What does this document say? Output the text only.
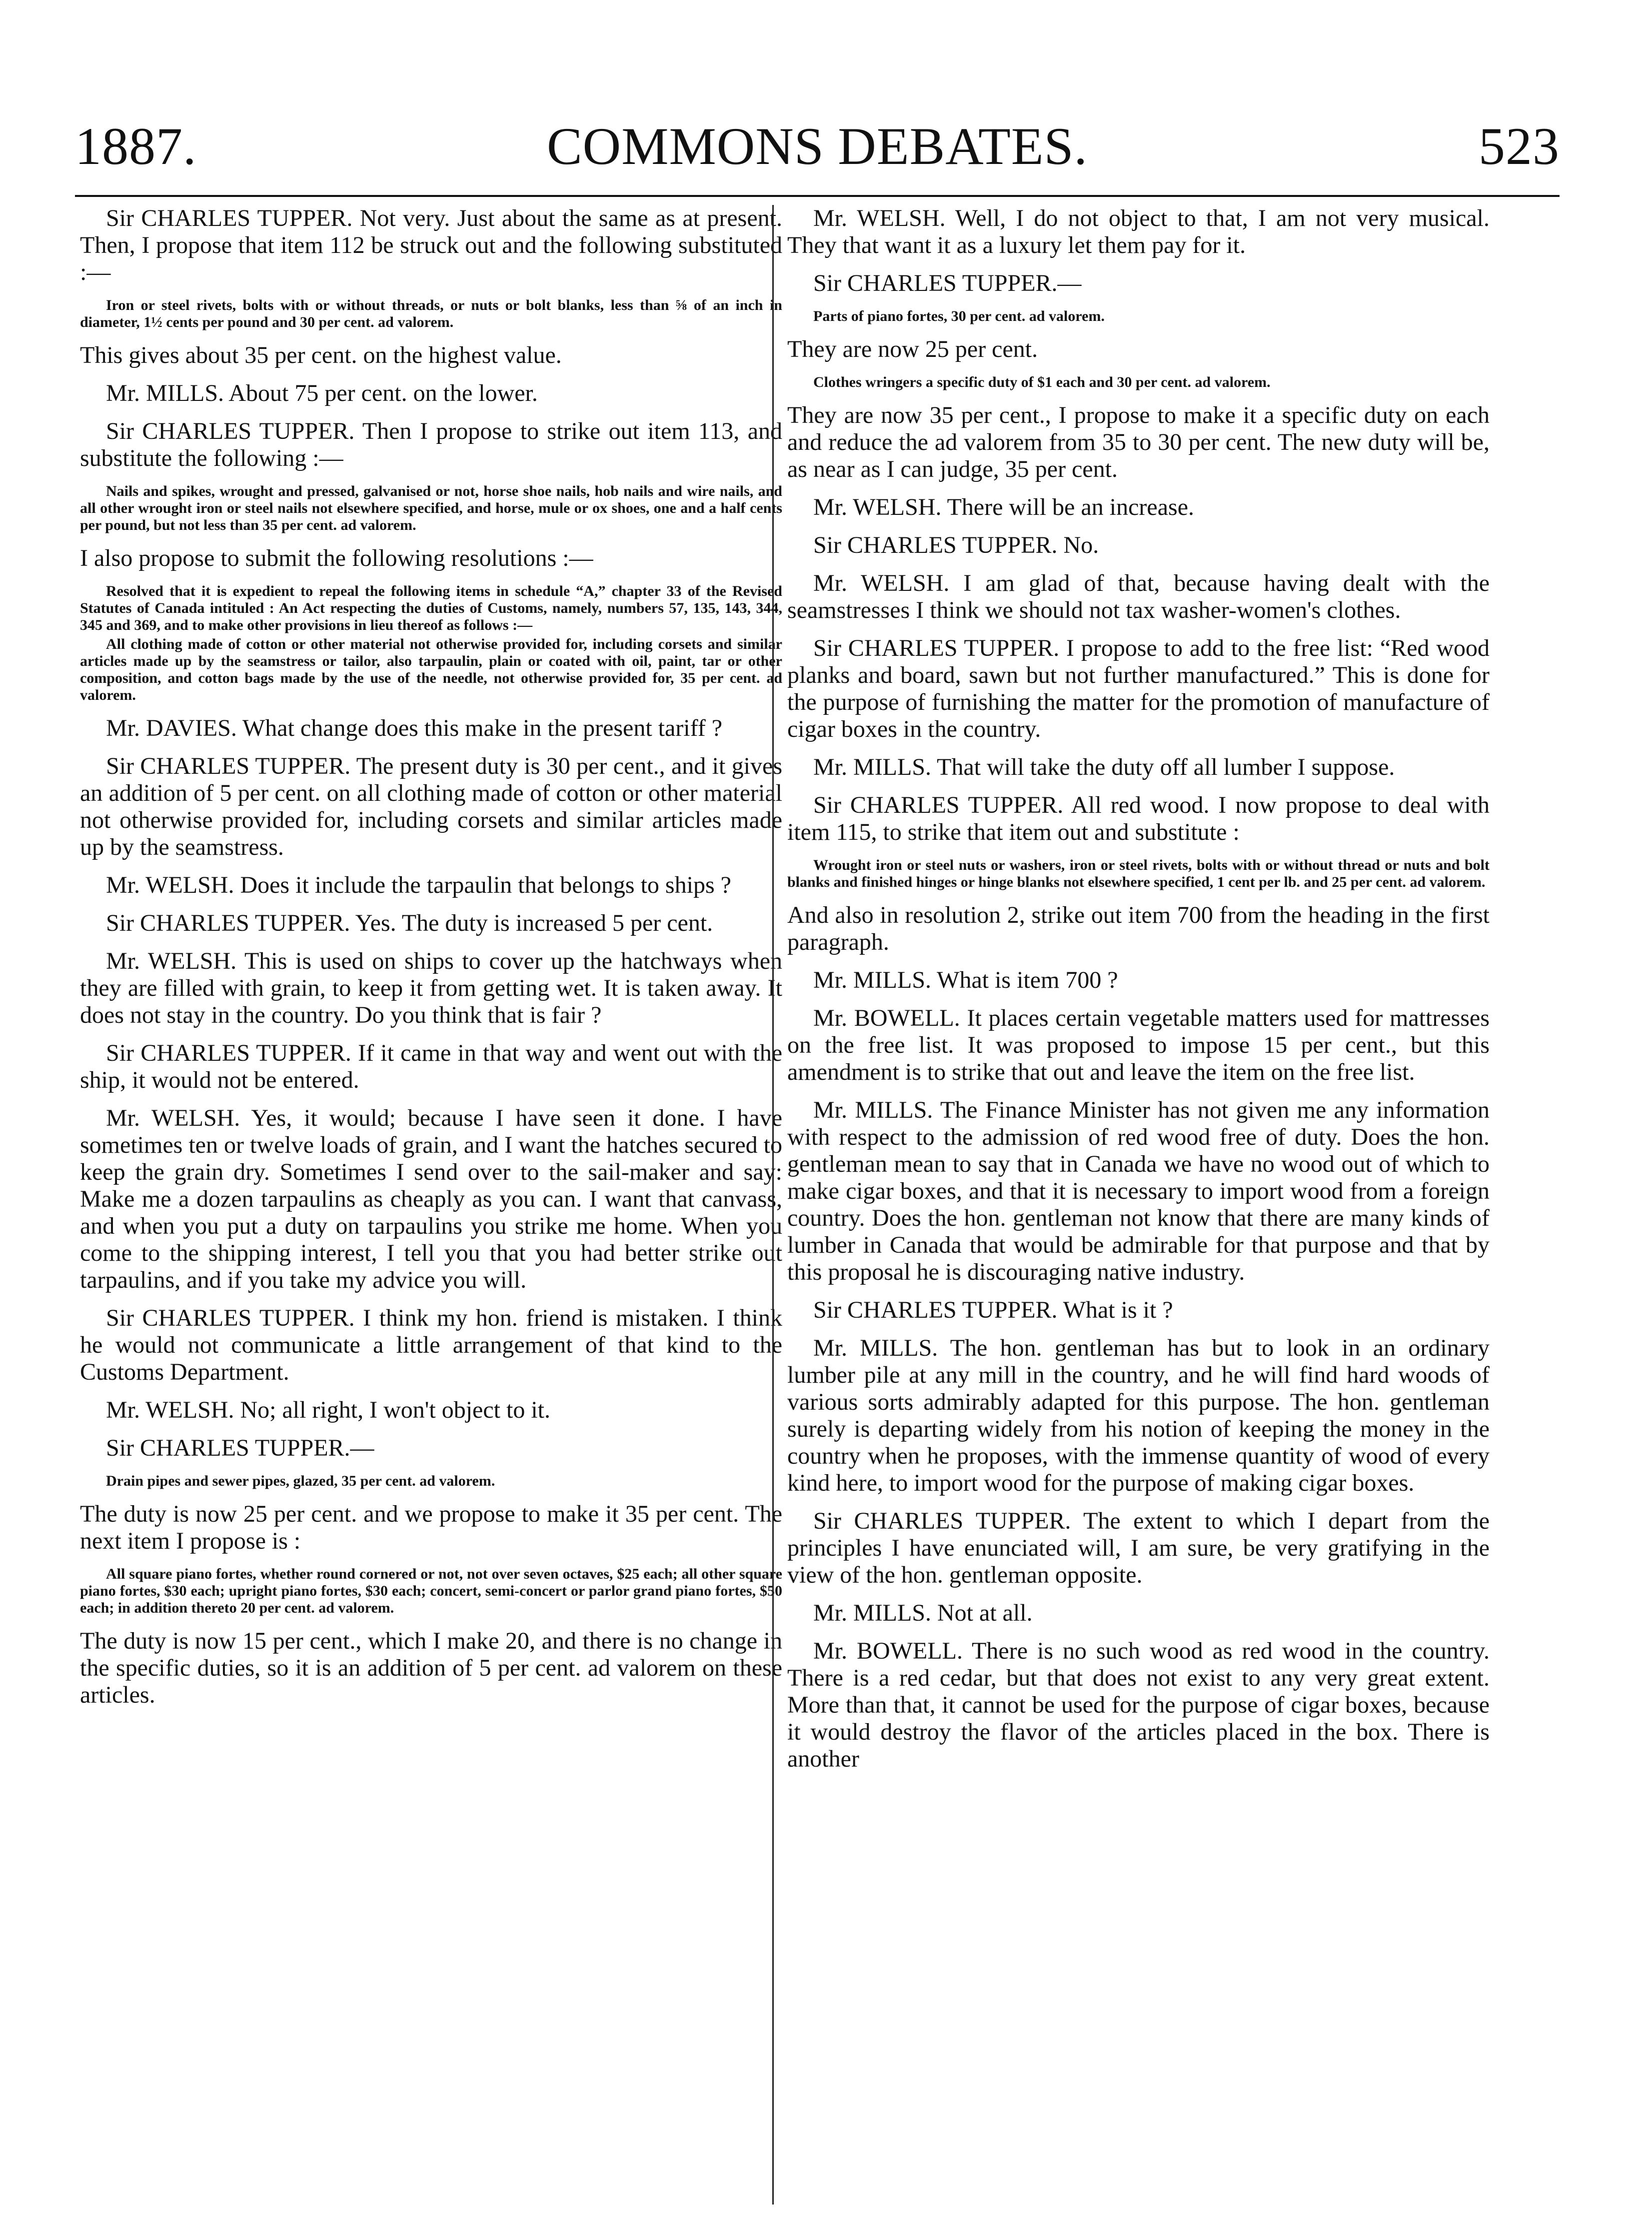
1887.	COMMONS DEBATES.	523

Sir CHARLES TUPPER. Not very. Just about the same as at present. Then, I propose that item 112 be struck out and the following substituted :—

Iron or steel rivets, bolts with or without threads, or nuts or bolt blanks, less than ⅝ of an inch in diameter, 1½ cents per pound and 30 per cent. ad valorem.

This gives about 35 per cent. on the highest value.

Mr. MILLS. About 75 per cent. on the lower.

Sir CHARLES TUPPER. Then I propose to strike out item 113, and substitute the following :—

Nails and spikes, wrought and pressed, galvanised or not, horse shoe nails, hob nails and wire nails, and all other wrought iron or steel nails not elsewhere specified, and horse, mule or ox shoes, one and a half cents per pound, but not less than 35 per cent. ad valorem.

I also propose to submit the following resolutions :—

Resolved that it is expedient to repeal the following items in schedule “A,” chapter 33 of the Revised Statutes of Canada intituled : An Act respecting the duties of Customs, namely, numbers 57, 135, 143, 344, 345 and 369, and to make other provisions in lieu thereof as follows :—

All clothing made of cotton or other material not otherwise provided for, including corsets and similar articles made up by the seamstress or tailor, also tarpaulin, plain or coated with oil, paint, tar or other composition, and cotton bags made by the use of the needle, not otherwise provided for, 35 per cent. ad valorem.

Mr. DAVIES. What change does this make in the present tariff ?

Sir CHARLES TUPPER. The present duty is 30 per cent., and it gives an addition of 5 per cent. on all clothing made of cotton or other material not otherwise provided for, including corsets and similar articles made up by the seamstress.

Mr. WELSH. Does it include the tarpaulin that belongs to ships ?

Sir CHARLES TUPPER. Yes. The duty is increased 5 per cent.

Mr. WELSH. This is used on ships to cover up the hatchways when they are filled with grain, to keep it from getting wet. It is taken away. It does not stay in the country. Do you think that is fair ?

Sir CHARLES TUPPER. If it came in that way and went out with the ship, it would not be entered.

Mr. WELSH. Yes, it would; because I have seen it done. I have sometimes ten or twelve loads of grain, and I want the hatches secured to keep the grain dry. Sometimes I send over to the sail-maker and say: Make me a dozen tarpaulins as cheaply as you can. I want that canvass, and when you put a duty on tarpaulins you strike me home. When you come to the shipping interest, I tell you that you had better strike out tarpaulins, and if you take my advice you will.

Sir CHARLES TUPPER. I think my hon. friend is mistaken. I think he would not communicate a little arrangement of that kind to the Customs Department.

Mr. WELSH. No; all right, I won't object to it.

Sir CHARLES TUPPER.—

Drain pipes and sewer pipes, glazed, 35 per cent. ad valorem.

The duty is now 25 per cent. and we propose to make it 35 per cent. The next item I propose is :

All square piano fortes, whether round cornered or not, not over seven octaves, $25 each; all other square piano fortes, $30 each; upright piano fortes, $30 each; concert, semi-concert or parlor grand piano fortes, $50 each; in addition thereto 20 per cent. ad valorem.

The duty is now 15 per cent., which I make 20, and there is no change in the specific duties, so it is an addition of 5 per cent. ad valorem on these articles.

Mr. WELSH. Well, I do not object to that, I am not very musical. They that want it as a luxury let them pay for it.

Sir CHARLES TUPPER.—

Parts of piano fortes, 30 per cent. ad valorem.

They are now 25 per cent.

Clothes wringers a specific duty of $1 each and 30 per cent. ad valorem.

They are now 35 per cent., I propose to make it a specific duty on each and reduce the ad valorem from 35 to 30 per cent. The new duty will be, as near as I can judge, 35 per cent.

Mr. WELSH. There will be an increase.

Sir CHARLES TUPPER. No.

Mr. WELSH. I am glad of that, because having dealt with the seamstresses I think we should not tax washer-women's clothes.

Sir CHARLES TUPPER. I propose to add to the free list: “Red wood planks and board, sawn but not further manufactured.” This is done for the purpose of furnishing the matter for the promotion of manufacture of cigar boxes in the country.

Mr. MILLS. That will take the duty off all lumber I suppose.

Sir CHARLES TUPPER. All red wood. I now propose to deal with item 115, to strike that item out and substitute :

Wrought iron or steel nuts or washers, iron or steel rivets, bolts with or without thread or nuts and bolt blanks and finished hinges or hinge blanks not elsewhere specified, 1 cent per lb. and 25 per cent. ad valorem.

And also in resolution 2, strike out item 700 from the heading in the first paragraph.

Mr. MILLS. What is item 700 ?

Mr. BOWELL. It places certain vegetable matters used for mattresses on the free list. It was proposed to impose 15 per cent., but this amendment is to strike that out and leave the item on the free list.

Mr. MILLS. The Finance Minister has not given me any information with respect to the admission of red wood free of duty. Does the hon. gentleman mean to say that in Canada we have no wood out of which to make cigar boxes, and that it is necessary to import wood from a foreign country. Does the hon. gentleman not know that there are many kinds of lumber in Canada that would be admirable for that purpose and that by this proposal he is discouraging native industry.

Sir CHARLES TUPPER. What is it ?

Mr. MILLS. The hon. gentleman has but to look in an ordinary lumber pile at any mill in the country, and he will find hard woods of various sorts admirably adapted for this purpose. The hon. gentleman surely is departing widely from his notion of keeping the money in the country when he proposes, with the immense quantity of wood of every kind here, to import wood for the purpose of making cigar boxes.

Sir CHARLES TUPPER. The extent to which I depart from the principles I have enunciated will, I am sure, be very gratifying in the view of the hon. gentleman opposite.

Mr. MILLS. Not at all.

Mr. BOWELL. There is no such wood as red wood in the country. There is a red cedar, but that does not exist to any very great extent. More than that, it cannot be used for the purpose of cigar boxes, because it would destroy the flavor of the articles placed in the box. There is another
